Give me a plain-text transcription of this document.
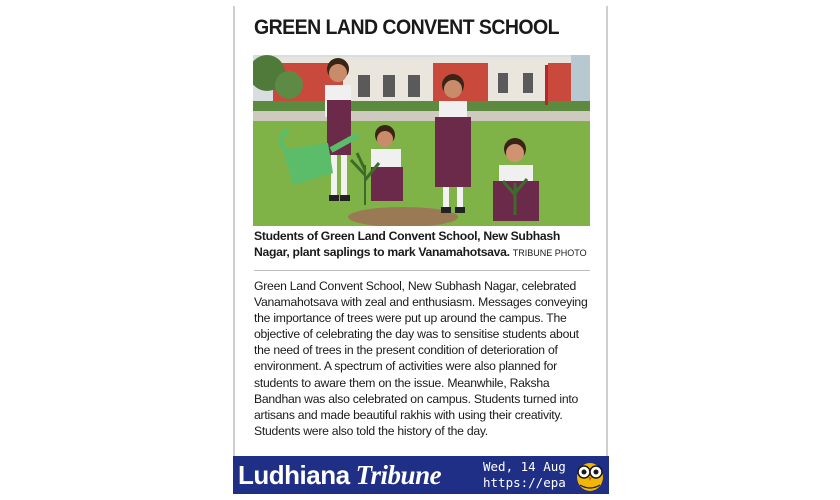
GREEN LAND CONVENT SCHOOL
Students of Green Land Convent School, New Subhash Nagar, plant saplings to mark Vanamahotsava. TRIBUNE PHOTO
Green Land Convent School, New Subhash Nagar, celebrated Vanamahotsava with zeal and enthusiasm. Messages conveying the importance of trees were put up around the campus. The objective of celebrating the day was to sensitise students about the need of trees in the present condition of deterioration of environment. A spectrum of activities were also planned for students to aware them on the issue. Meanwhile, Raksha Bandhan was also celebrated on campus. Students turned into artisans and made beautiful rakhis with using their creativity. Students were also told the history of the day.
Ludhiana Tribune	Wed, 14 Aug
https://epa
